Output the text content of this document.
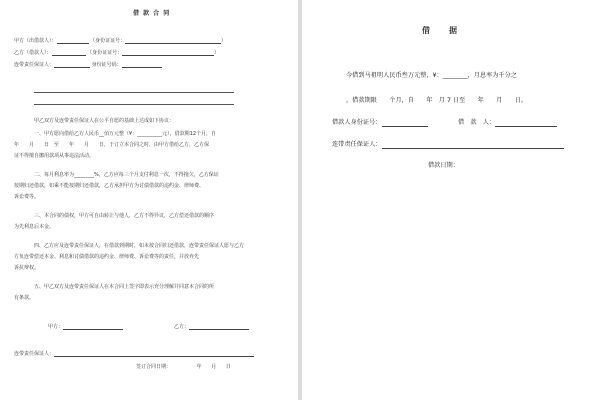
借 款 合 同
甲方（出借款人）：	（身份证证号：	）
乙方（借款人）：	（身份证证号：	）
连带责任保证人：	身份证号码：
甲乙双方及连带责任保证人在公平自愿的基础上达成如下协议：
一、甲方愿向借给乙方人民币__佰万元整（¥：__________元），借款期12个月，自
年　　月　　日　至　　年　　月　　日，于订立本合同之时，由甲方借给乙方，乙方保
证不得擅自挪用款项从事违法活动。
二、每月利息率为________%，乙方应每三个月支付利息一次，不得拖欠，乙方保证
按期归还借款，如乘不能按期归还借款，乙方承担甲方为讨债借款的违约金、律师费、
诉讼费等。
三、本合同的债权，甲方可自由转让与他人，乙方不得异议，乙方偿还借款的顺序
为先利息后本金。
四、乙方应及连带责任保证人，在借款到期时，如未按合同归还借款，连带责任保证人愿与乙方
方负连带偿还本金、利息和讨债借款的违约金、律师费、诉讼费等的责任，并放弃先
诉抗辩权。
五、甲乙双方及连带责任保证人在本合同上签字即表示充分理解并同意本合同的所
有条款。
甲方：	乙方：
连带责任保证人：
签订合同日期：	年 月 日
借　　据
今借到马祖明人民币叁万元整，¥：________，月息率为千分之
，借款期限　　个月，自　　年　月 7 日至　　年　　月　　日。
借款人身份证号：	借　款　人：
连带责任保证人：
借款日期：
